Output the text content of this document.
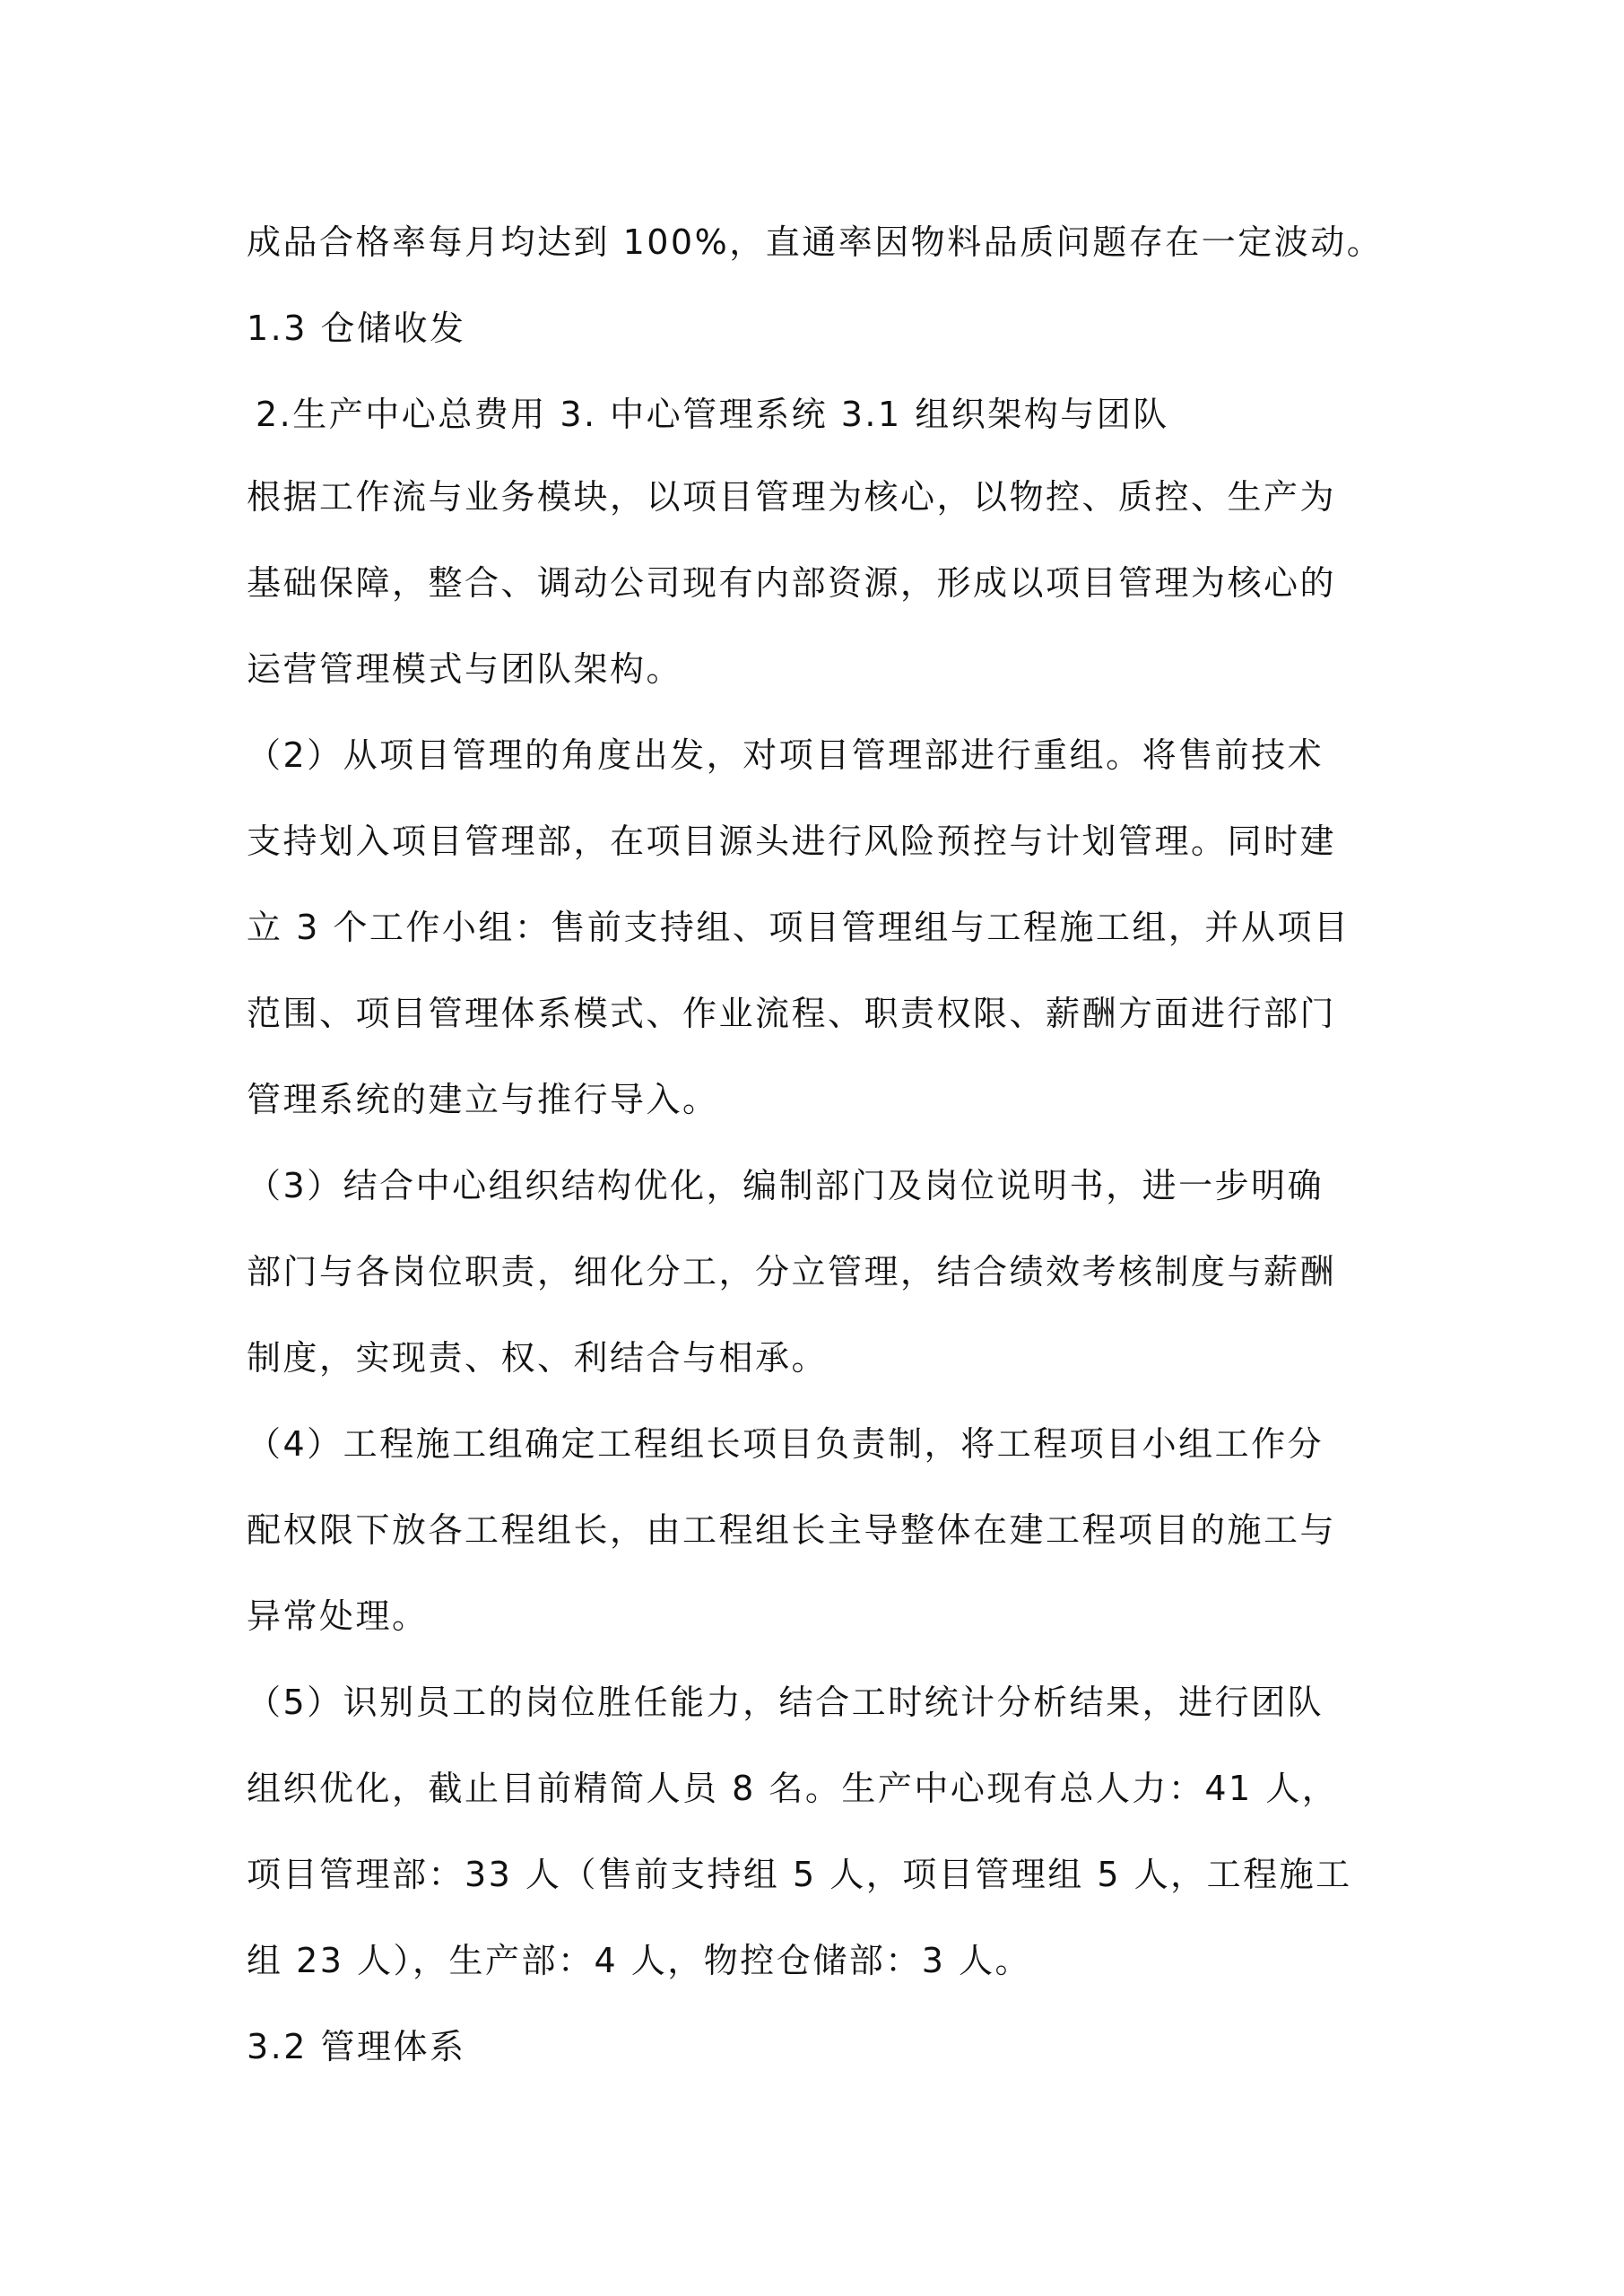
成品合格率每月均达到 100%，直通率因物料品质问题存在一定波动。
1.3 仓储收发
2.生产中心总费用 3. 中心管理系统 3.1 组织架构与团队
根据工作流与业务模块，以项目管理为核心，以物控、质控、生产为
基础保障，整合、调动公司现有内部资源，形成以项目管理为核心的
运营管理模式与团队架构。
（2）从项目管理的角度出发，对项目管理部进行重组。将售前技术
支持划入项目管理部，在项目源头进行风险预控与计划管理。同时建
立 3 个工作小组：售前支持组、项目管理组与工程施工组，并从项目
范围、项目管理体系模式、作业流程、职责权限、薪酬方面进行部门
管理系统的建立与推行导入。
（3）结合中心组织结构优化，编制部门及岗位说明书，进一步明确
部门与各岗位职责，细化分工，分立管理，结合绩效考核制度与薪酬
制度，实现责、权、利结合与相承。
（4）工程施工组确定工程组长项目负责制，将工程项目小组工作分
配权限下放各工程组长，由工程组长主导整体在建工程项目的施工与
异常处理。
（5）识别员工的岗位胜任能力，结合工时统计分析结果，进行团队
组织优化，截止目前精简人员 8 名。生产中心现有总人力：41 人，
项目管理部：33 人（售前支持组 5 人，项目管理组 5 人，工程施工
组 23 人），生产部：4 人，物控仓储部：3 人。
3.2 管理体系
